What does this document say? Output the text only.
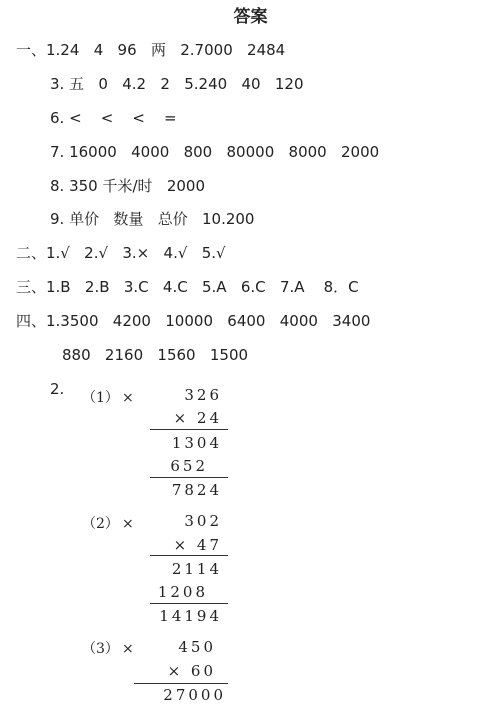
答案
一、1.24   4   96   两   2.7000   2484
3. 五   0   4.2   2   5.240   40   120
6. <    <    <    =
7. 16000   4000   800   80000   8000   2000
8. 350 千米/时   2000
9. 单价   数量   总价   10.200
二、1.√   2.√   3.×   4.√   5.√
三、1.B   2.B   3.C   4.C   5.A   6.C   7.A    8．C
四、1.3500   4200   10000   6400   4000   3400
880   2160   1560   1500
2. （1） ×	326
× 24
1304
652
7824
（2） ×	302
× 47
2114
1208
14194
（3） ×	450
× 60
27000
